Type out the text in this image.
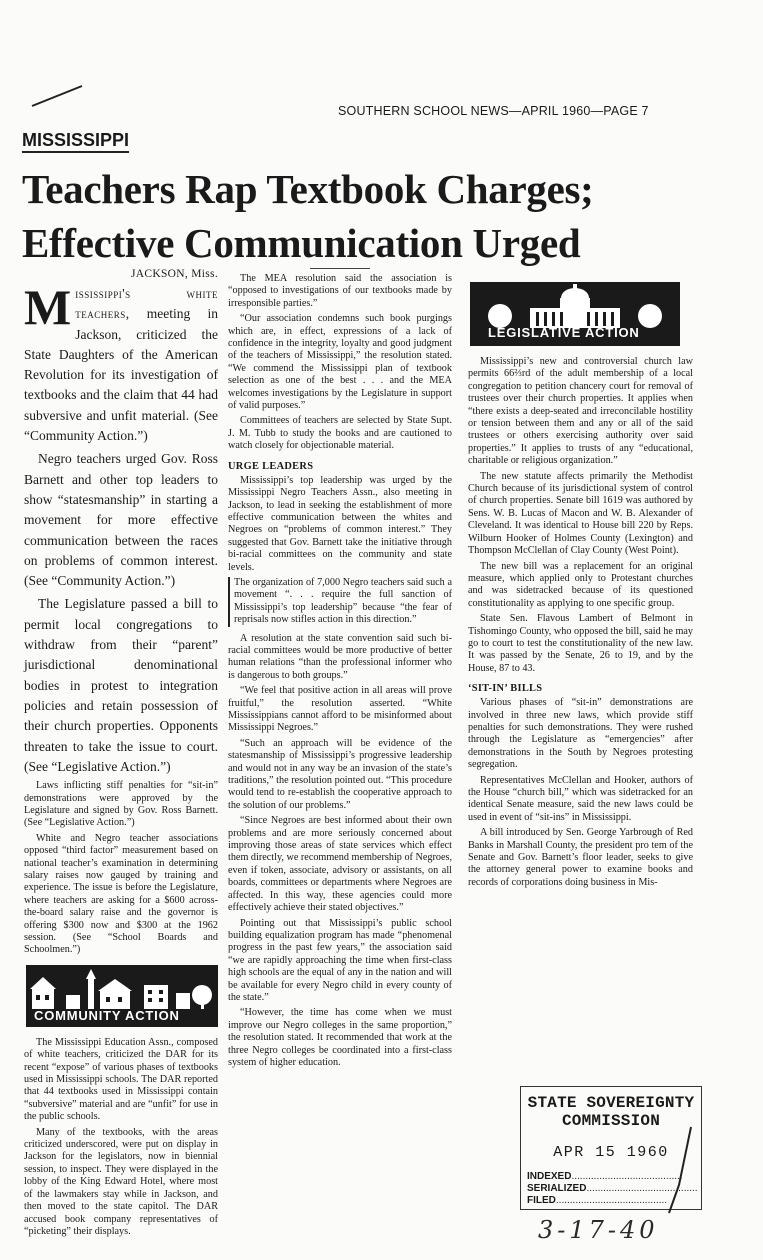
SOUTHERN SCHOOL NEWS—APRIL 1960—PAGE 7
MISSISSIPPI
Teachers Rap Textbook Charges;
Effective Communication Urged
JACKSON, Miss.

Mississippi's white teachers, meeting in Jackson, criticized the State Daughters of the American Revolution for its investigation of textbooks and the claim that 44 had subversive and unfit material. (See “Community Action.”)

Negro teachers urged Gov. Ross Barnett and other top leaders to show “statesmanship” in starting a movement for more effective communication between the races on problems of common interest. (See “Community Action.”)

The Legislature passed a bill to permit local congregations to withdraw from their “parent” jurisdictional denominational bodies in protest to integration policies and retain possession of their church properties. Opponents threaten to take the issue to court. (See “Legislative Action.”)

Laws inflicting stiff penalties for “sit-in” demonstrations were approved by the Legislature and signed by Gov. Ross Barnett. (See “Legislative Action.”)

White and Negro teacher associations opposed “third factor” measurement based on national teacher’s examination in determining salary raises now gauged by training and experience. The issue is before the Legislature, where teachers are asking for a $600 across-the-board salary raise and the governor is offering $300 now and $300 at the 1962 session. (See “School Boards and Schoolmen.”)

COMMUNITY ACTION

The Mississippi Education Assn., composed of white teachers, criticized the DAR for its recent “expose” of various phases of textbooks used in Mississippi schools. The DAR reported that 44 textbooks used in Mississippi contain “subversive” material and are “unfit” for use in the public schools.

Many of the textbooks, with the areas criticized underscored, were put on display in Jackson for the legislators, now in biennial session, to inspect. They were displayed in the lobby of the King Edward Hotel, where most of the lawmakers stay while in Jackson, and then moved to the state capitol. The DAR accused book company representatives of “picketing” their displays.

The MEA resolution said the association is “opposed to investigations of our textbooks made by irresponsible parties.”

“Our association condemns such book purgings which are, in effect, expressions of a lack of confidence in the integrity, loyalty and good judgment of the teachers of Mississippi,” the resolution stated. “We commend the Mississippi plan of textbook selection as one of the best . . . and the MEA welcomes investigations by the Legislature in support of valid purposes.”

Committees of teachers are selected by State Supt. J. M. Tubb to study the books and are cautioned to watch closely for objectionable material.

URGE LEADERS

Mississippi’s top leadership was urged by the Mississippi Negro Teachers Assn., also meeting in Jackson, to lead in seeking the establishment of more effective communication between the whites and Negroes on “problems of common interest.” They suggested that Gov. Barnett take the initiative through bi-racial committees on the community and state levels.

The organization of 7,000 Negro teachers said such a movement “. . . require the full sanction of Mississippi’s top leadership” because “the fear of reprisals now stifles action in this direction.”

A resolution at the state convention said such bi-racial committees would be more productive of better human relations “than the professional informer who is dangerous to both groups.”

“We feel that positive action in all areas will prove fruitful,” the resolution asserted. “White Mississippians cannot afford to be misinformed about Mississippi Negroes.”

“Such an approach will be evidence of the statesmanship of Mississippi’s progressive leadership and would not in any way be an invasion of the state’s traditions,” the resolution pointed out. “This procedure would tend to re-establish the cooperative approach to the solution of our problems.”

“Since Negroes are best informed about their own problems and are more seriously concerned about improving those areas of state services which effect them directly, we recommend membership of Negroes, even if token, associate, advisory or assistants, on all boards, committees or departments where Negroes are affected. In this way, these agencies could more effectively achieve their stated objectives.”

Pointing out that Mississippi’s public school building equalization program has made “phenomenal progress in the past few years,” the association said “we are rapidly approaching the time when first-class high schools are the equal of any in the nation and will be available for every Negro child in every county of the state.”

“However, the time has come when we must improve our Negro colleges in the same proportion,” the resolution stated. It recommended that work at the three Negro colleges be coordinated into a first-class system of higher education.

LEGISLATIVE ACTION

Mississippi’s new and controversial church law permits 66⅔rd of the adult membership of a local congregation to petition chancery court for removal of trustees over their church properties. It applies when “there exists a deep-seated and irreconcilable hostility or tension between them and any or all of the said trustees or others exercising authority over said properties.” It applies to trusts of any “educational, charitable or religious organization.”

The new statute affects primarily the Methodist Church because of its jurisdictional system of control of church properties. Senate bill 1619 was authored by Sens. W. B. Lucas of Macon and W. B. Alexander of Cleveland. It was identical to House bill 220 by Reps. Wilburn Hooker of Holmes County (Lexington) and Thompson McClellan of Clay County (West Point).

The new bill was a replacement for an original measure, which applied only to Protestant churches and was sidetracked because of its questioned constitutionality as applying to one specific group.

State Sen. Flavous Lambert of Belmont in Tishomingo County, who opposed the bill, said he may go to court to test the constitutionality of the new law. It was passed by the Senate, 26 to 19, and by the House, 87 to 43.

‘SIT-IN’ BILLS

Various phases of “sit-in” demonstrations are involved in three new laws, which provide stiff penalties for such demonstrations. They were rushed through the Legislature as “emergencies” after demonstrations in the South by Negroes protesting segregation.

Representatives McClellan and Hooker, authors of the House “church bill,” which was sidetracked for an identical Senate measure, said the new laws could be used in event of “sit-ins” in Mississippi.

A bill introduced by Sen. George Yarbrough of Red Banks in Marshall County, the president pro tem of the Senate and Gov. Barnett’s floor leader, seeks to give the attorney general power to examine books and records of corporations doing business in Mis-

STATE SOVEREIGNTY COMMISSION
APR 15 1960
INDEXED........................................
SERIALIZED........................................
FILED........................................
3-17-40
